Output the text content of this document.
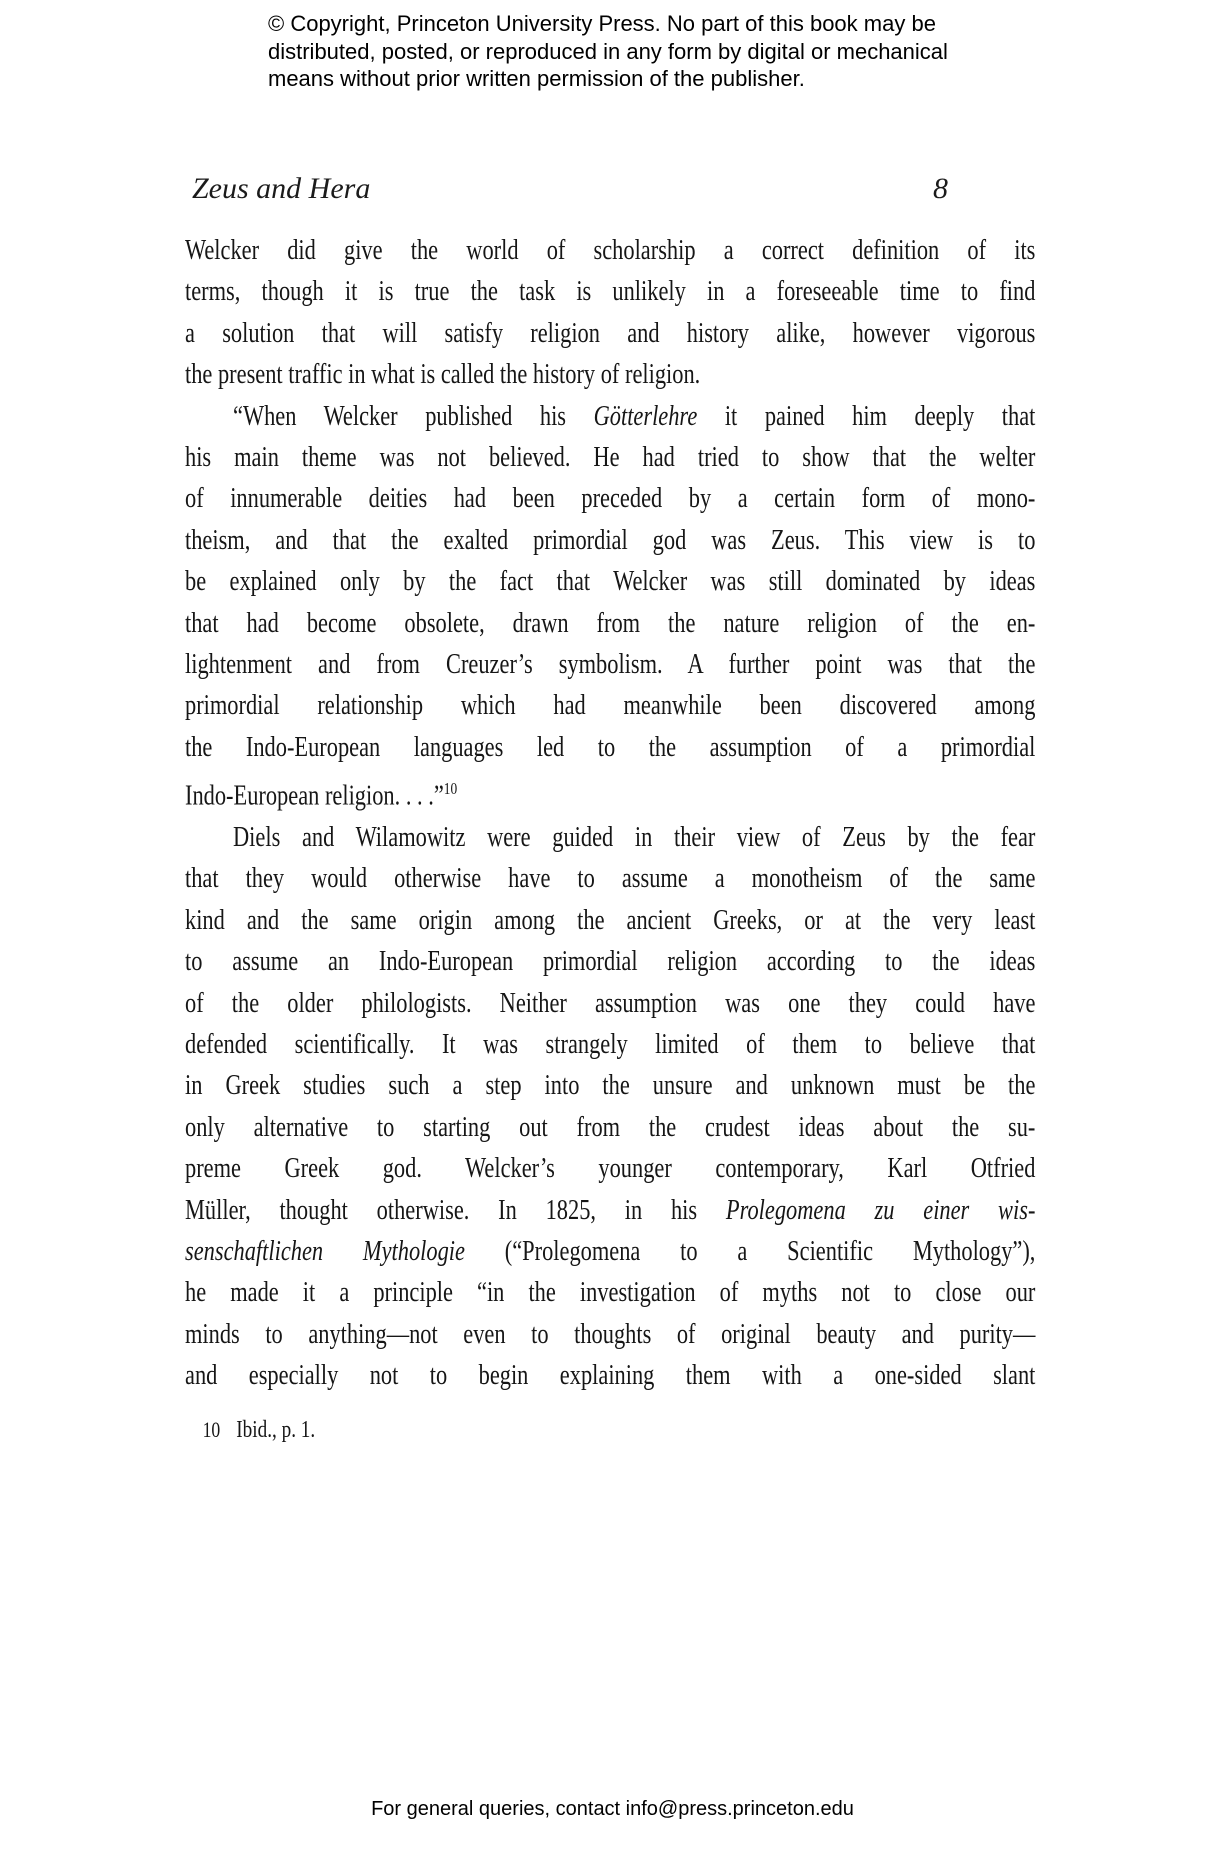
© Copyright, Princeton University Press. No part of this book may be
distributed, posted, or reproduced in any form by digital or mechanical
means without prior written permission of the publisher.
Zeus and Hera	8
Welcker did give the world of scholarship a correct definition of its
terms, though it is true the task is unlikely in a foreseeable time to find
a solution that will satisfy religion and history alike, however vigorous
the present traffic in what is called the history of religion.
“When Welcker published his Götterlehre it pained him deeply that
his main theme was not believed. He had tried to show that the welter
of innumerable deities had been preceded by a certain form of mono-
theism, and that the exalted primordial god was Zeus. This view is to
be explained only by the fact that Welcker was still dominated by ideas
that had become obsolete, drawn from the nature religion of the en-
lightenment and from Creuzer’s symbolism. A further point was that the
primordial relationship which had meanwhile been discovered among
the Indo-European languages led to the assumption of a primordial
Indo-European religion. . . .”$^{10}$
Diels and Wilamowitz were guided in their view of Zeus by the fear
that they would otherwise have to assume a monotheism of the same
kind and the same origin among the ancient Greeks, or at the very least
to assume an Indo-European primordial religion according to the ideas
of the older philologists. Neither assumption was one they could have
defended scientifically. It was strangely limited of them to believe that
in Greek studies such a step into the unsure and unknown must be the
only alternative to starting out from the crudest ideas about the su-
preme Greek god. Welcker’s younger contemporary, Karl Otfried
Müller, thought otherwise. In 1825, in his Prolegomena zu einer wis-
senschaftlichen Mythologie (“Prolegomena to a Scientific Mythology”),
he made it a principle “in the investigation of myths not to close our
minds to anything—not even to thoughts of original beauty and purity—
and especially not to begin explaining them with a one-sided slant
10 Ibid., p. 1.
For general queries, contact info@press.princeton.edu
